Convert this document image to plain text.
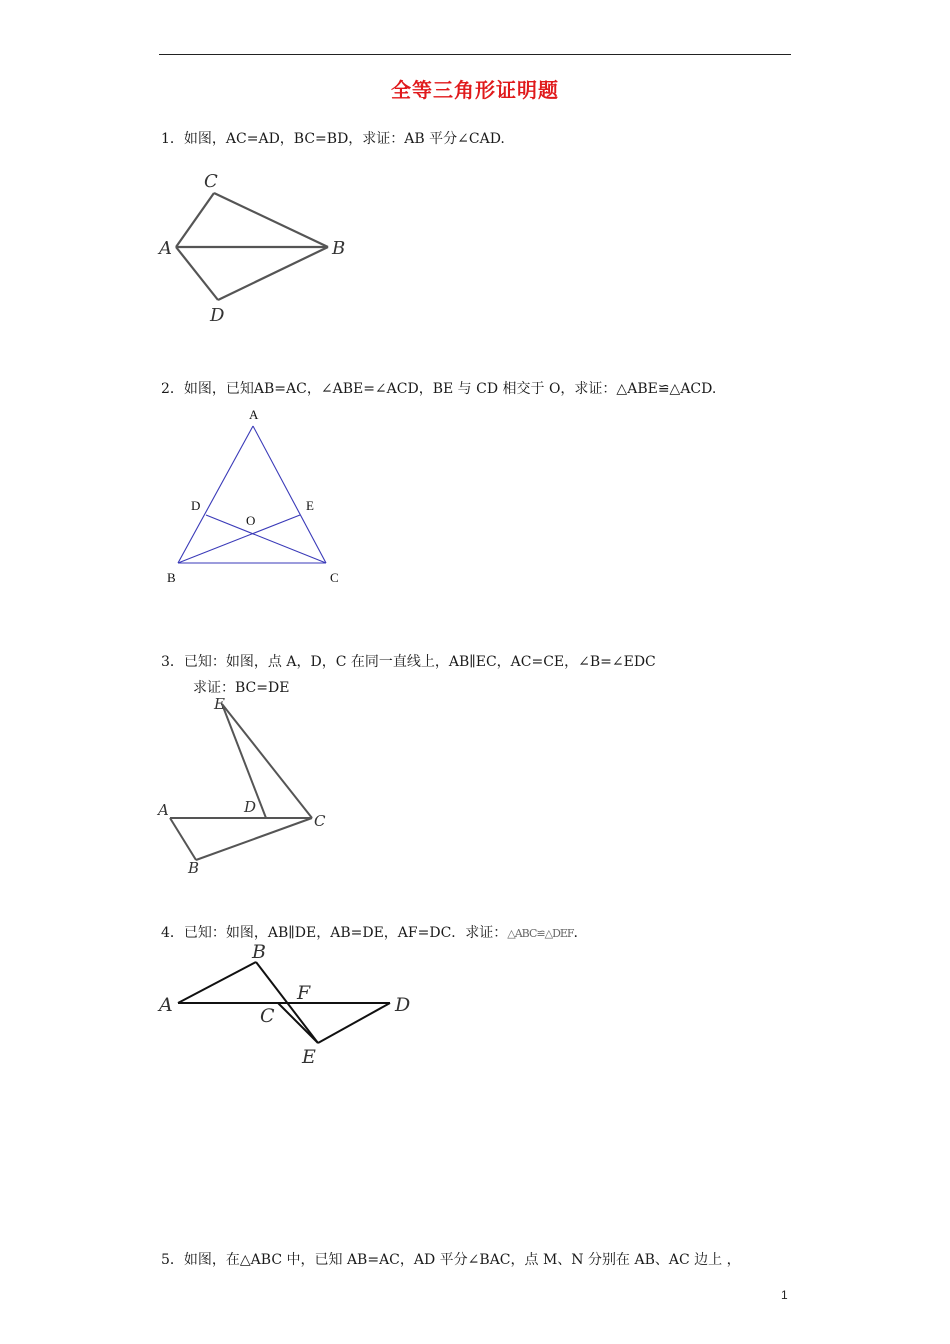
全等三角形证明题
1．如图，AC=AD，BC=BD，求证：AB 平分∠CAD.
C
A	B
D
2．如图，已知AB=AC，∠ABE=∠ACD，BE 与 CD 相交于 O，求证：△ABE≌△ACD.
A
D	E
O
B	C
3．已知：如图，点 A，D，C 在同一直线上，AB∥EC，AC=CE，∠B=∠EDC
求证：BC=DE
E
A	D
C
B
4．已知：如图，AB∥DE，AB=DE，AF=DC．求证：△ABC≌△DEF.
A
B
F
C	D
E
5．如图，在△ABC 中，已知 AB=AC，AD 平分∠BAC，点 M、N 分别在 AB、AC 边上 ，
1
